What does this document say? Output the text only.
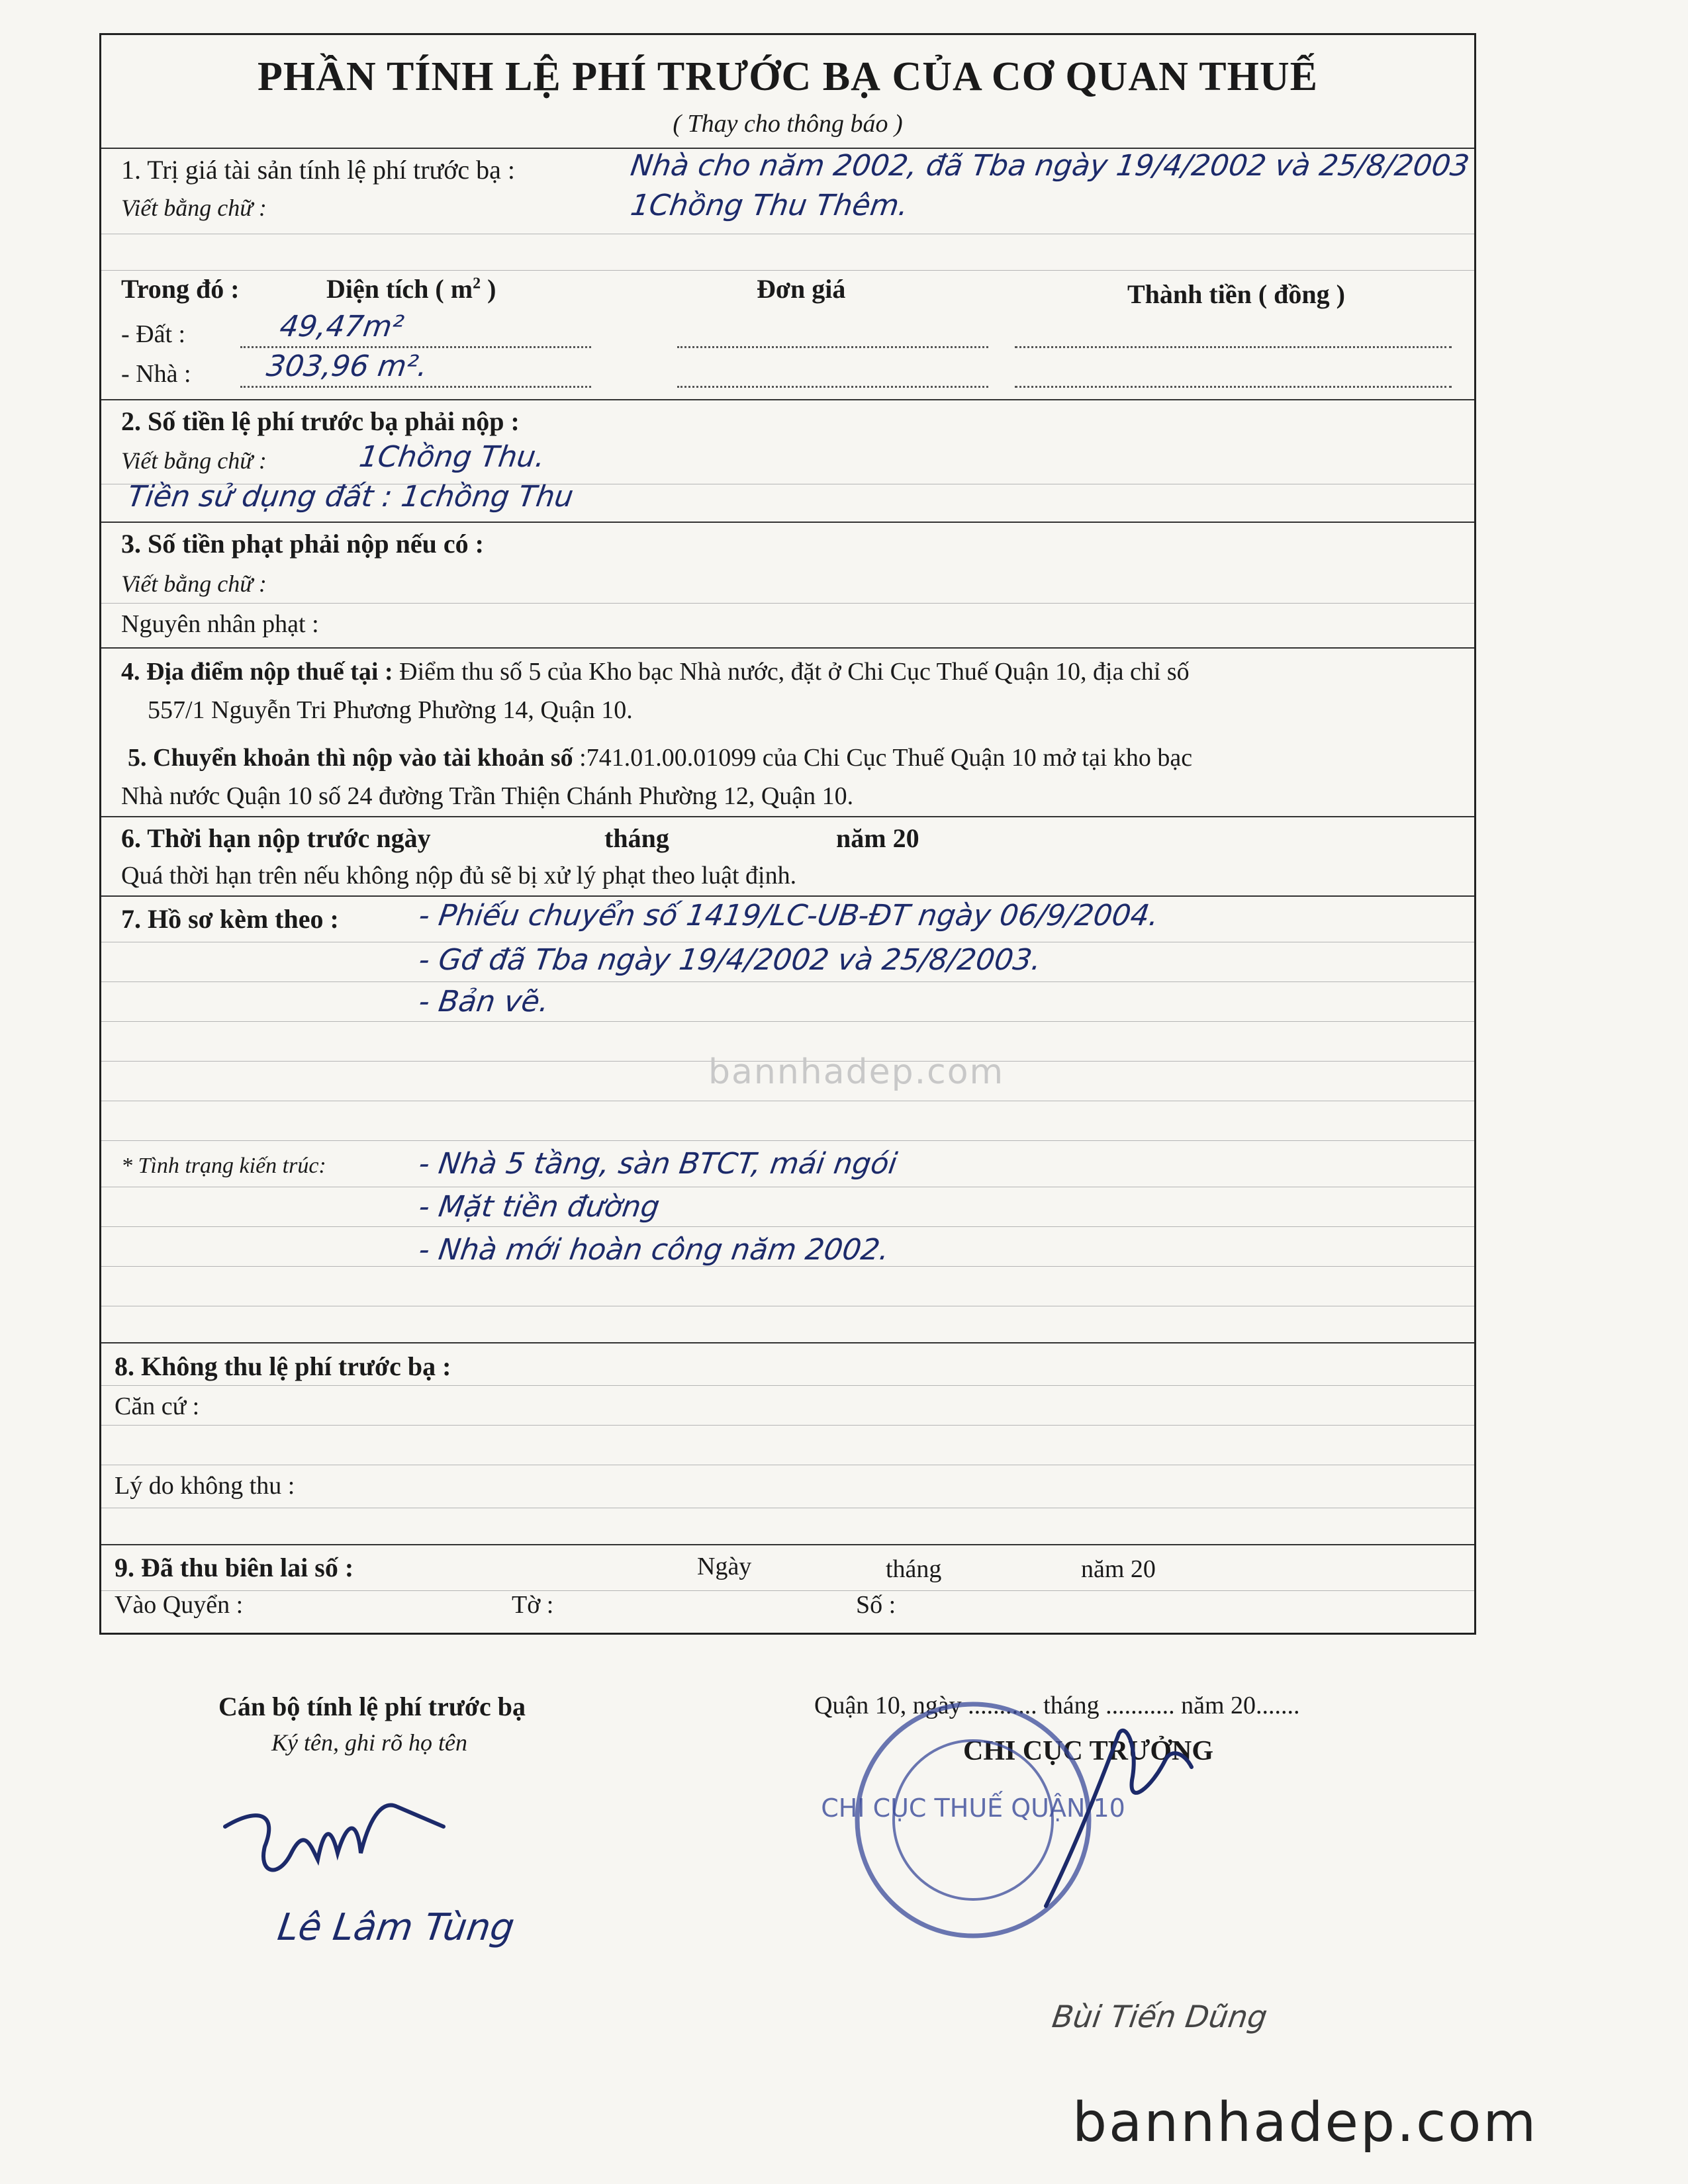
PHẦN TÍNH LỆ PHÍ TRƯỚC BẠ CỦA CƠ QUAN THUẾ
( Thay cho thông báo )
1. Trị giá tài sản tính lệ phí trước bạ :	Nhà cho năm 2002, đã Tba ngày 19/4/2002 và 25/8/2003
Viết bằng chữ :	1Chồng Thu Thêm.
Trong đó :	Diện tích ( $m^2$ )	Đơn giá	Thành tiền ( đồng )
- Đất :	49,47m²
- Nhà :	303,96 m².
2. Số tiền lệ phí trước bạ phải nộp :
Viết bằng chữ :	1Chồng Thu.
Tiền sử dụng đất : 1chồng Thu
3. Số tiền phạt phải nộp nếu có :
Viết bằng chữ :
Nguyên nhân phạt :
4. Địa điểm nộp thuế tại : Điểm thu số 5 của Kho bạc Nhà nước, đặt ở Chi Cục Thuế Quận 10, địa chỉ số
557/1 Nguyễn Tri Phương Phường 14, Quận 10.
5. Chuyển khoản thì nộp vào tài khoản số :741.01.00.01099 của Chi Cục Thuế Quận 10 mở tại kho bạc
Nhà nước Quận 10 số 24 đường Trần Thiện Chánh Phường 12, Quận 10.
6. Thời hạn nộp trước ngày	tháng	năm 20
Quá thời hạn trên nếu không nộp đủ sẽ bị xử lý phạt theo luật định.
7. Hồ sơ kèm theo :	- Phiếu chuyển số 1419/LC-UB-ĐT ngày 06/9/2004.
- Gđ đã Tba ngày 19/4/2002 và 25/8/2003.
- Bản vẽ.
* Tình trạng kiến trúc:	- Nhà 5 tầng, sàn BTCT, mái ngói
- Mặt tiền đường
- Nhà mới hoàn công năm 2002.
8. Không thu lệ phí trước bạ :
Căn cứ :
Lý do không thu :
9. Đã thu biên lai số :	Ngày	tháng	năm 20
Vào Quyển :	Tờ :	Số :
bannhadep.com
Cán bộ tính lệ phí trước bạ
Ký tên, ghi rõ họ tên
Lê Lâm Tùng
Quận 10, ngày ........... tháng ........... năm 20.......
CHI CỤC TRƯỞNG
CHI CỤC THUẾ QUẬN 10
Bùi Tiến Dũng
bannhadep.com
